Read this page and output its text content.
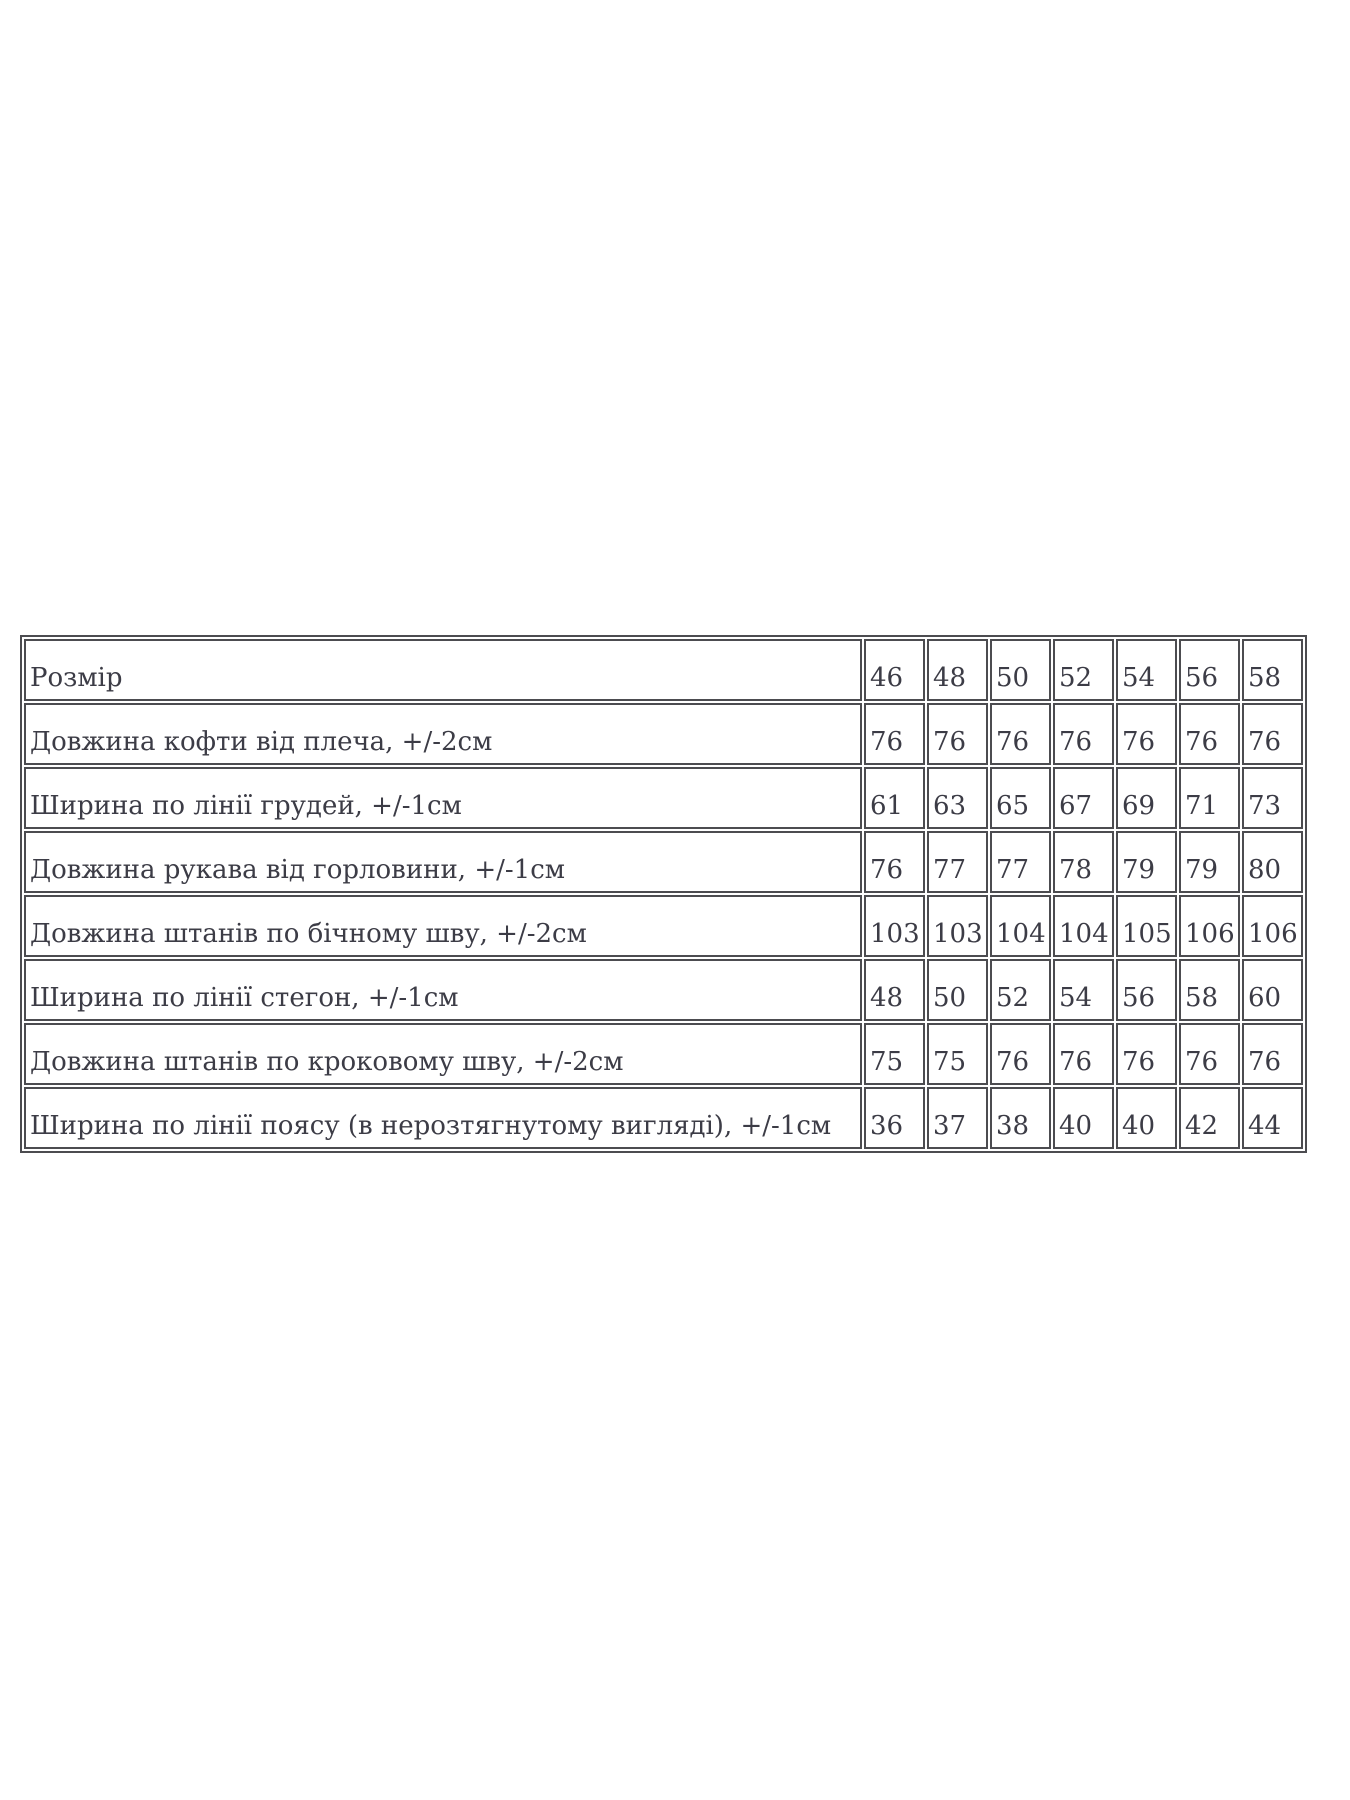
Розмір	46	48	50	52	54	56	58
Довжина кофти від плеча, +/-2см	76	76	76	76	76	76	76
Ширина по лінії грудей, +/-1см	61	63	65	67	69	71	73
Довжина рукава від горловини, +/-1см	76	77	77	78	79	79	80
Довжина штанів по бічному шву, +/-2см	103	103	104	104	105	106	106
Ширина по лінії стегон, +/-1см	48	50	52	54	56	58	60
Довжина штанів по кроковому шву, +/-2см	75	75	76	76	76	76	76
Ширина по лінії поясу (в нерозтягнутому вигляді), +/-1см	36	37	38	40	40	42	44
